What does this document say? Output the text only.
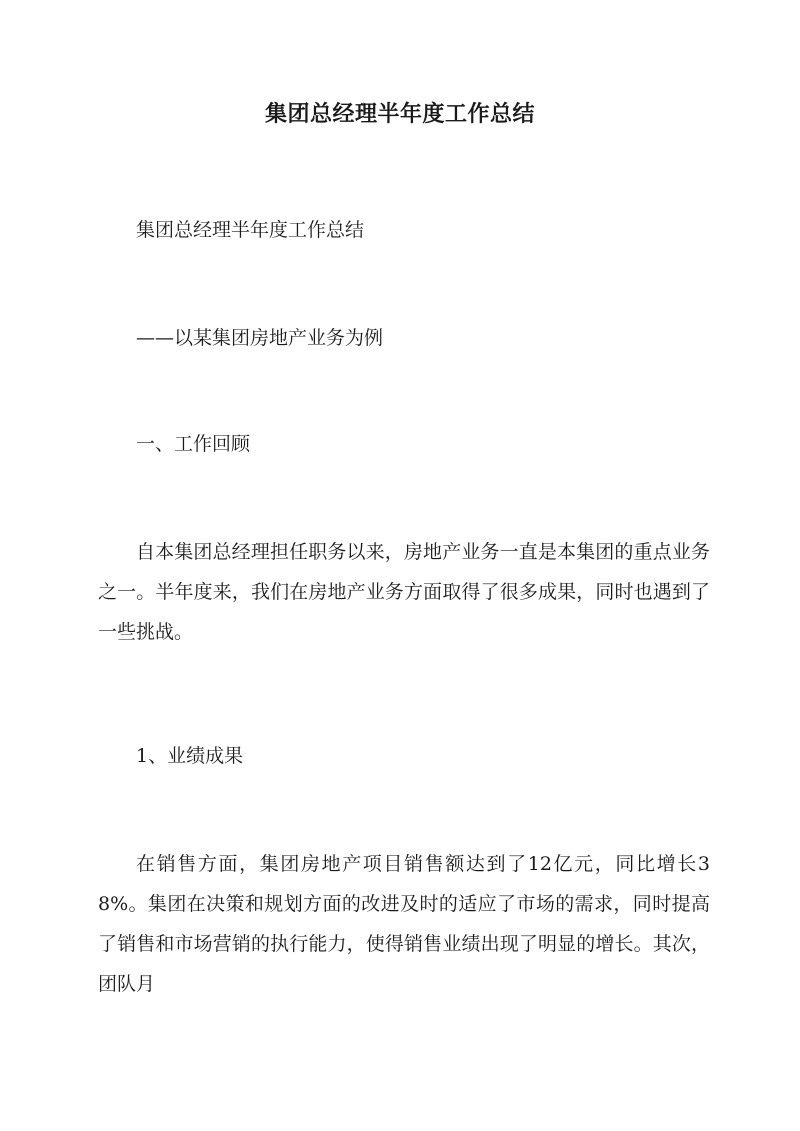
集团总经理半年度工作总结

集团总经理半年度工作总结

——以某集团房地产业务为例

一、工作回顾

自本集团总经理担任职务以来，房地产业务一直是本集团的重点业务之一。半年度来，我们在房地产业务方面取得了很多成果，同时也遇到了一些挑战。

1、业绩成果

在销售方面，集团房地产项目销售额达到了12亿元，同比增长38%。集团在决策和规划方面的改进及时的适应了市场的需求，同时提高了销售和市场营销的执行能力，使得销售业绩出现了明显的增长。其次，团队月
